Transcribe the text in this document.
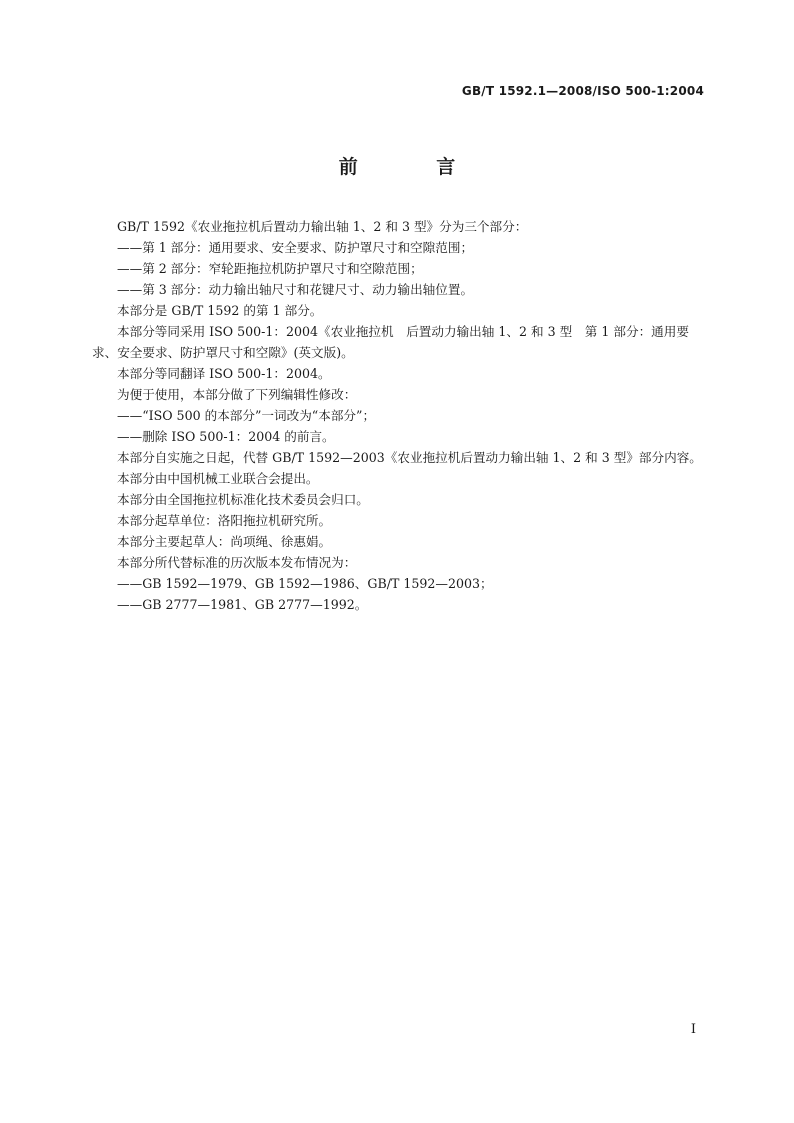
GB/T 1592.1—2008/ISO 500-1:2004
前 言

GB/T 1592《农业拖拉机后置动力输出轴 1、2 和 3 型》分为三个部分：

——第 1 部分：通用要求、安全要求、防护罩尺寸和空隙范围；

——第 2 部分：窄轮距拖拉机防护罩尺寸和空隙范围；

——第 3 部分：动力输出轴尺寸和花键尺寸、动力输出轴位置。

本部分是 GB/T 1592 的第 1 部分。

本部分等同采用 ISO 500-1：2004《农业拖拉机　后置动力输出轴 1、2 和 3 型　第 1 部分：通用要求、安全要求、防护罩尺寸和空隙》(英文版)。

本部分等同翻译 ISO 500-1：2004。

为便于使用，本部分做了下列编辑性修改：

——“ISO 500 的本部分”一词改为“本部分”；

——删除 ISO 500-1：2004 的前言。

本部分自实施之日起，代替 GB/T 1592—2003《农业拖拉机后置动力输出轴 1、2 和 3 型》部分内容。

本部分由中国机械工业联合会提出。

本部分由全国拖拉机标准化技术委员会归口。

本部分起草单位：洛阳拖拉机研究所。

本部分主要起草人：尚项绳、徐惠娟。

本部分所代替标准的历次版本发布情况为：

——GB 1592—1979、GB 1592—1986、GB/T 1592—2003；

——GB 2777—1981、GB 2777—1992。

I
